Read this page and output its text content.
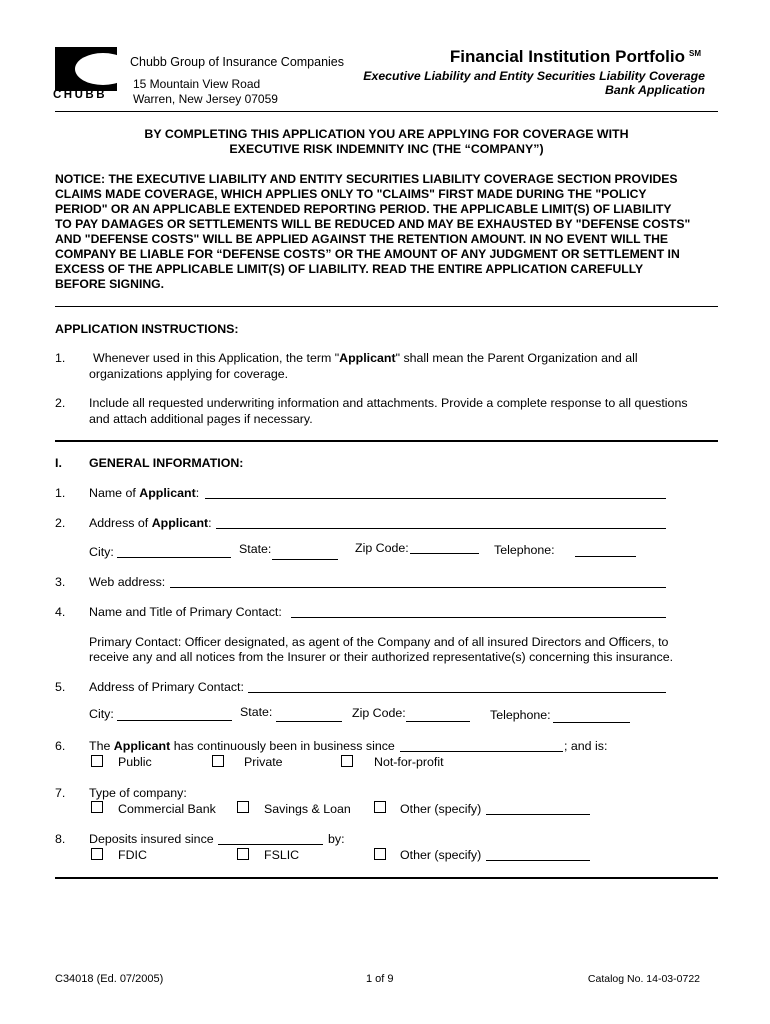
CHUBB
Chubb Group of Insurance Companies
15 Mountain View Road
Warren, New Jersey 07059
Financial Institution Portfolio SM
Executive Liability and Entity Securities Liability Coverage
Bank Application
BY COMPLETING THIS APPLICATION YOU ARE APPLYING FOR COVERAGE WITH
EXECUTIVE RISK INDEMNITY INC (THE “COMPANY”)
NOTICE: THE EXECUTIVE LIABILITY AND ENTITY SECURITIES LIABILITY COVERAGE SECTION PROVIDES
CLAIMS MADE COVERAGE, WHICH APPLIES ONLY TO "CLAIMS" FIRST MADE DURING THE "POLICY
PERIOD" OR AN APPLICABLE EXTENDED REPORTING PERIOD. THE APPLICABLE LIMIT(S) OF LIABILITY
TO PAY DAMAGES OR SETTLEMENTS WILL BE REDUCED AND MAY BE EXHAUSTED BY "DEFENSE COSTS"
AND "DEFENSE COSTS" WILL BE APPLIED AGAINST THE RETENTION AMOUNT. IN NO EVENT WILL THE
COMPANY BE LIABLE FOR “DEFENSE COSTS” OR THE AMOUNT OF ANY JUDGMENT OR SETTLEMENT IN
EXCESS OF THE APPLICABLE LIMIT(S) OF LIABILITY. READ THE ENTIRE APPLICATION CAREFULLY
BEFORE SIGNING.
APPLICATION INSTRUCTIONS:
1. Whenever used in this Application, the term "Applicant" shall mean the Parent Organization and all
organizations applying for coverage.
2. Include all requested underwriting information and attachments. Provide a complete response to all questions
and attach additional pages if necessary.
I. GENERAL INFORMATION:
1. Name of Applicant:
2. Address of Applicant:
City:	State:	Zip Code:	Telephone:
3. Web address:
4. Name and Title of Primary Contact:
Primary Contact: Officer designated, as agent of the Company and of all insured Directors and Officers, to
receive any and all notices from the Insurer or their authorized representative(s) concerning this insurance.
5. Address of Primary Contact:
City:	State:	Zip Code:	Telephone:
6. The Applicant has continuously been in business since	; and is:
Public	Private	Not-for-profit
7. Type of company:
Commercial Bank	Savings & Loan	Other (specify)
8. Deposits insured since	by:
FDIC	FSLIC	Other (specify)
C34018 (Ed. 07/2005)	1 of 9	Catalog No. 14-03-0722
